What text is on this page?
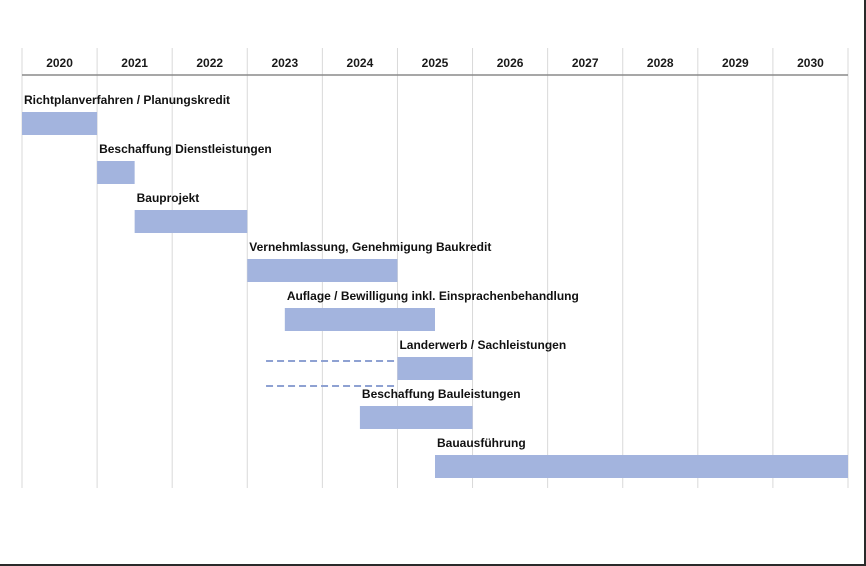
2020	2021	2022	2023	2024	2025	2026	2027	2028	2029	2030
Richtplanverfahren / Planungskredit
Beschaffung Dienstleistungen
Bauprojekt
Vernehmlassung, Genehmigung Baukredit
Auflage / Bewilligung inkl. Einsprachenbehandlung
Landerwerb / Sachleistungen
Beschaffung Bauleistungen
Bauausführung
